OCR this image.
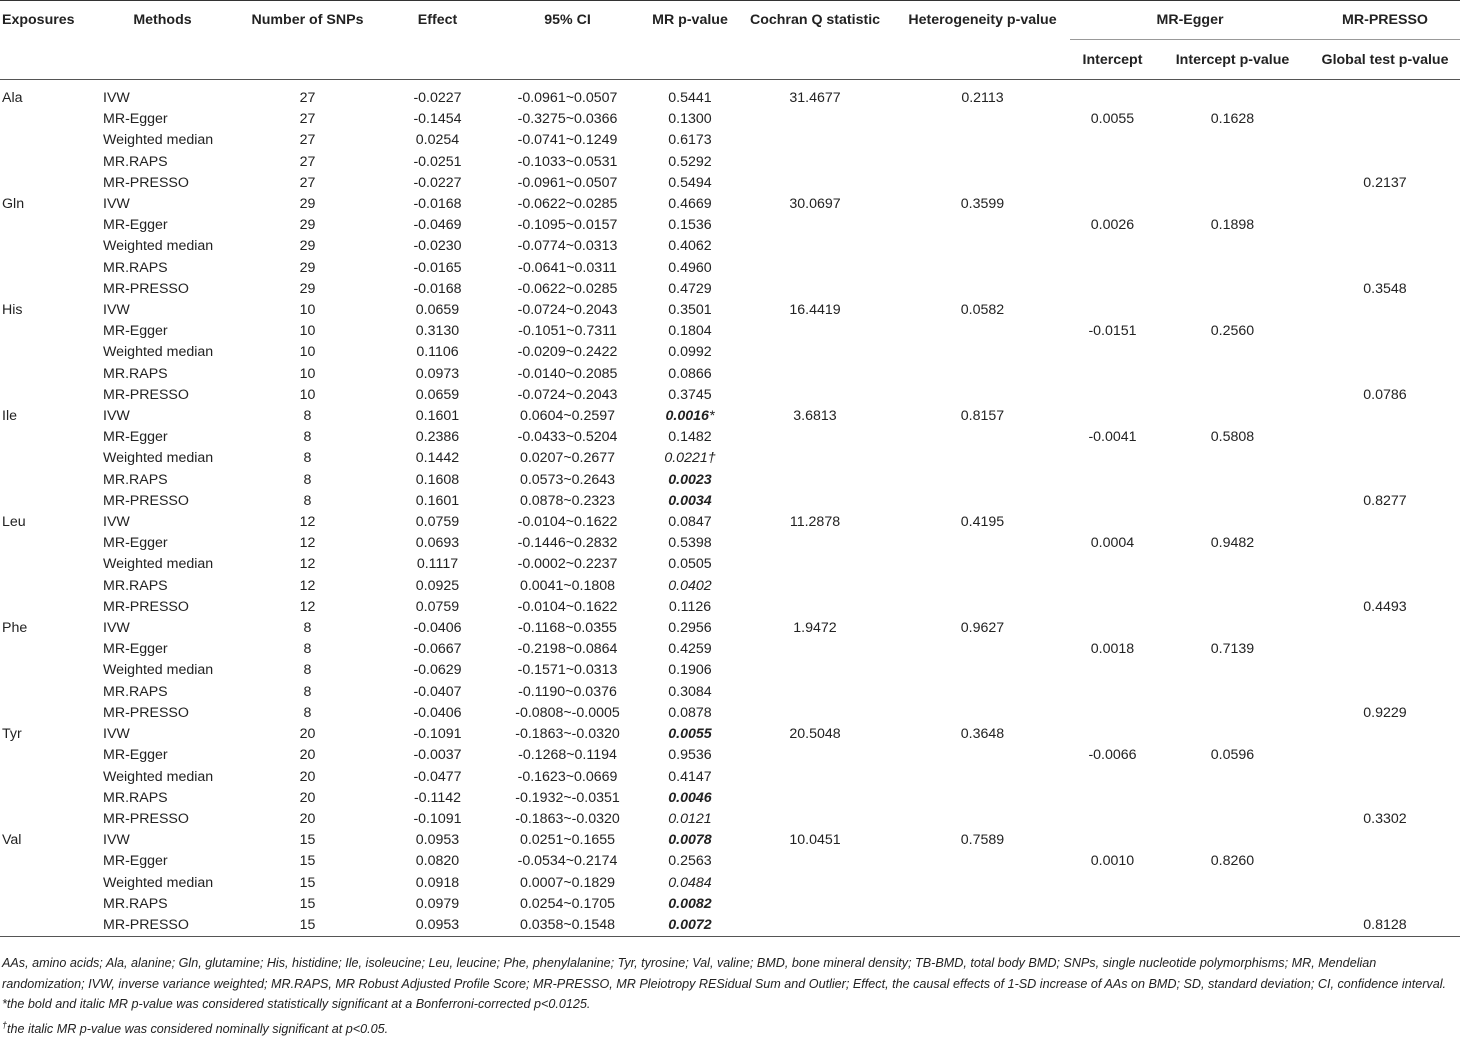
Exposures	Methods	Number of SNPs	Effect	95% CI	MR p-value	Cochran Q statistic	Heterogeneity p-value	MR-Egger		MR-PRESSO
								Intercept	Intercept p-value	Global test p-value

Ala	IVW	27	-0.0227	-0.0961~0.0507	0.5441	31.4677	0.2113			
	MR-Egger	27	-0.1454	-0.3275~0.0366	0.1300			0.0055	0.1628	
	Weighted median	27	0.0254	-0.0741~0.1249	0.6173					
	MR.RAPS	27	-0.0251	-0.1033~0.0531	0.5292					
	MR-PRESSO	27	-0.0227	-0.0961~0.0507	0.5494					0.2137
Gln	IVW	29	-0.0168	-0.0622~0.0285	0.4669	30.0697	0.3599			
	MR-Egger	29	-0.0469	-0.1095~0.0157	0.1536			0.0026	0.1898	
	Weighted median	29	-0.0230	-0.0774~0.0313	0.4062					
	MR.RAPS	29	-0.0165	-0.0641~0.0311	0.4960					
	MR-PRESSO	29	-0.0168	-0.0622~0.0285	0.4729					0.3548
His	IVW	10	0.0659	-0.0724~0.2043	0.3501	16.4419	0.0582			
	MR-Egger	10	0.3130	-0.1051~0.7311	0.1804			-0.0151	0.2560	
	Weighted median	10	0.1106	-0.0209~0.2422	0.0992					
	MR.RAPS	10	0.0973	-0.0140~0.2085	0.0866					
	MR-PRESSO	10	0.0659	-0.0724~0.2043	0.3745					0.0786
Ile	IVW	8	0.1601	0.0604~0.2597	0.0016*	3.6813	0.8157			
	MR-Egger	8	0.2386	-0.0433~0.5204	0.1482			-0.0041	0.5808	
	Weighted median	8	0.1442	0.0207~0.2677	0.0221†					
	MR.RAPS	8	0.1608	0.0573~0.2643	0.0023					
	MR-PRESSO	8	0.1601	0.0878~0.2323	0.0034					0.8277
Leu	IVW	12	0.0759	-0.0104~0.1622	0.0847	11.2878	0.4195			
	MR-Egger	12	0.0693	-0.1446~0.2832	0.5398			0.0004	0.9482	
	Weighted median	12	0.1117	-0.0002~0.2237	0.0505					
	MR.RAPS	12	0.0925	0.0041~0.1808	0.0402					
	MR-PRESSO	12	0.0759	-0.0104~0.1622	0.1126					0.4493
Phe	IVW	8	-0.0406	-0.1168~0.0355	0.2956	1.9472	0.9627			
	MR-Egger	8	-0.0667	-0.2198~0.0864	0.4259			0.0018	0.7139	
	Weighted median	8	-0.0629	-0.1571~0.0313	0.1906					
	MR.RAPS	8	-0.0407	-0.1190~0.0376	0.3084					
	MR-PRESSO	8	-0.0406	-0.0808~-0.0005	0.0878					0.9229
Tyr	IVW	20	-0.1091	-0.1863~-0.0320	0.0055	20.5048	0.3648			
	MR-Egger	20	-0.0037	-0.1268~0.1194	0.9536			-0.0066	0.0596	
	Weighted median	20	-0.0477	-0.1623~0.0669	0.4147					
	MR.RAPS	20	-0.1142	-0.1932~-0.0351	0.0046					
	MR-PRESSO	20	-0.1091	-0.1863~-0.0320	0.0121					0.3302
Val	IVW	15	0.0953	0.0251~0.1655	0.0078	10.0451	0.7589			
	MR-Egger	15	0.0820	-0.0534~0.2174	0.2563			0.0010	0.8260	
	Weighted median	15	0.0918	0.0007~0.1829	0.0484					
	MR.RAPS	15	0.0979	0.0254~0.1705	0.0082					
	MR-PRESSO	15	0.0953	0.0358~0.1548	0.0072					0.8128

AAs, amino acids; Ala, alanine; Gln, glutamine; His, histidine; Ile, isoleucine; Leu, leucine; Phe, phenylalanine; Tyr, tyrosine; Val, valine; BMD, bone mineral density; TB-BMD, total body BMD; SNPs, single nucleotide polymorphisms; MR, Mendelian randomization; IVW, inverse variance weighted; MR.RAPS, MR Robust Adjusted Profile Score; MR-PRESSO, MR Pleiotropy RESidual Sum and Outlier; Effect, the causal effects of 1-SD increase of AAs on BMD; SD, standard deviation; CI, confidence interval.

*the bold and italic MR p-value was considered statistically significant at a Bonferroni-corrected p<0.0125.

†the italic MR p-value was considered nominally significant at p<0.05.
